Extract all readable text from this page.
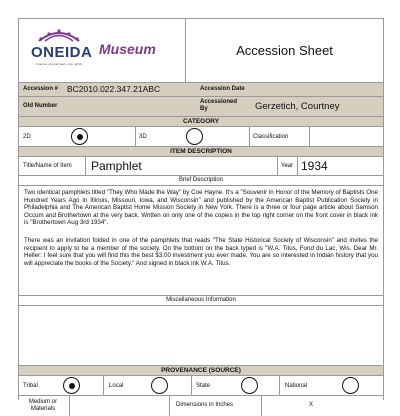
ONEIDA
A person of good heart. Live rightly.
Museum	Accession Sheet
Accession # BC2010.022.347.21ABC	Accession Date
Old Number
Accessioned By	Gerzetich, Courtney
CATEGORY
2D	3D	Classification
ITEM DESCRIPTION
Title/Name of Item Pamphlet	Year 1934
Brief Description
Two identical pamphlets titled "They Who Made the Way" by Coe Hayne. It's a "Souvenir in Honor of the Memory of Baptists One Hundred Years Ago In Illinois, Missouri, Iowa, and Wisconsin" and published by the American Baptist Publication Society in Philadelphia and The American Baptist Home Mission Society in New York. There is a three or four page article about Samson Occum and Brothertown at the very back. Written on only one of the copies in the top right corner on the front cover in black ink is "Brothertown Aug 3rd 1934".
There was an invitation folded in one of the pamphlets that reads "The State Historical Society of Wisconsin" and invites the recipient to apply to be a member of the society. On the bottom on the back typed is "W.A. Titus, Fond du Lac, Wis. Dear Mr. Heller: I feel sure that you will find this the best $3.00 investment you ever made. You are so interested in Indian history that you will appreciate the books of the Society." And signed in black ink W.A. Titus.
Miscellaneous Information
PROVENANCE (SOURCE)
Tribal	Local	State	National
Medium or Materials
Dimensions in Inches	X
